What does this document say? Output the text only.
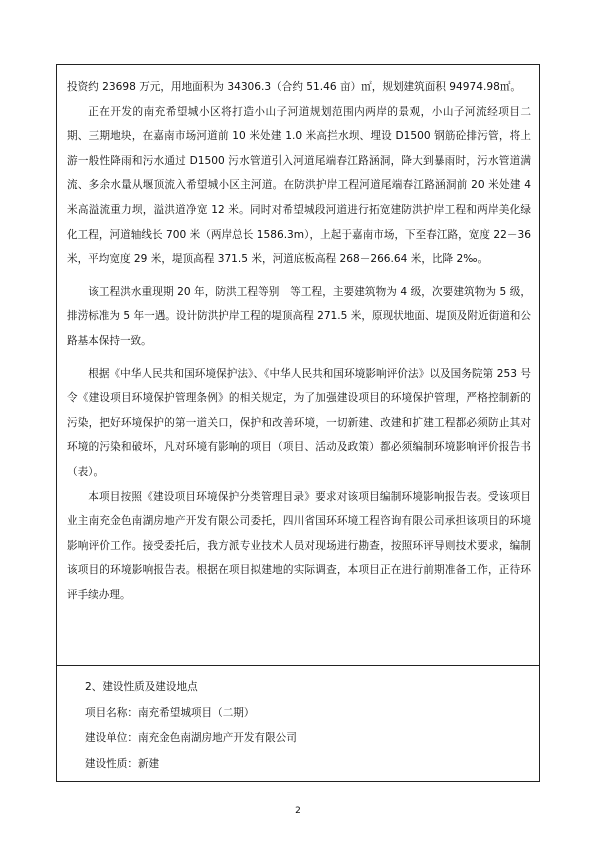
投资约 23698 万元，用地面积为 34306.3（合约 51.46 亩）㎡，规划建筑面积 94974.98㎡。

正在开发的南充希望城小区将打造小山子河道规划范围内两岸的景观，小山子河流经项目二期、三期地块，在嘉南市场河道前 10 米处建 1.0 米高拦水坝、埋设 D1500 钢筋砼排污管，将上游一般性降雨和污水通过 D1500 污水管道引入河道尾端春江路涵洞，降大到暴雨时，污水管道满流、多余水量从堰顶流入希望城小区主河道。在防洪护岸工程河道尾端春江路涵洞前 20 米处建 4 米高溢流重力坝，溢洪道净宽 12 米。同时对希望城段河道进行拓宽建防洪护岸工程和两岸美化绿化工程，河道轴线长 700 米（两岸总长 1586.3m），上起于嘉南市场，下至春江路，宽度 22－36 米，平均宽度 29 米，堤顶高程 371.5 米，河道底板高程 268－266.64 米，比降 2‰。

该工程洪水重现期 20 年，防洪工程等别　等工程，主要建筑物为 4 级，次要建筑物为 5 级，排涝标准为 5 年一遇。设计防洪护岸工程的堤顶高程 271.5 米，原现状地面、堤顶及附近街道和公路基本保持一致。

根据《中华人民共和国环境保护法》、《中华人民共和国环境影响评价法》以及国务院第 253 号令《建设项目环境保护管理条例》的相关规定，为了加强建设项目的环境保护管理，严格控制新的污染，把好环境保护的第一道关口，保护和改善环境，一切新建、改建和扩建工程都必须防止其对环境的污染和破坏，凡对环境有影响的项目（项目、活动及政策）都必须编制环境影响评价报告书（表）。

本项目按照《建设项目环境保护分类管理目录》要求对该项目编制环境影响报告表。受该项目业主南充金色南湖房地产开发有限公司委托，四川省国环环境工程咨询有限公司承担该项目的环境影响评价工作。接受委托后，我方派专业技术人员对现场进行勘查，按照环评导则技术要求，编制该项目的环境影响报告表。根据在项目拟建地的实际调查，本项目正在进行前期准备工作，正待环评手续办理。

2、建设性质及建设地点

项目名称：南充希望城项目（二期）

建设单位：南充金色南湖房地产开发有限公司

建设性质：新建

2
